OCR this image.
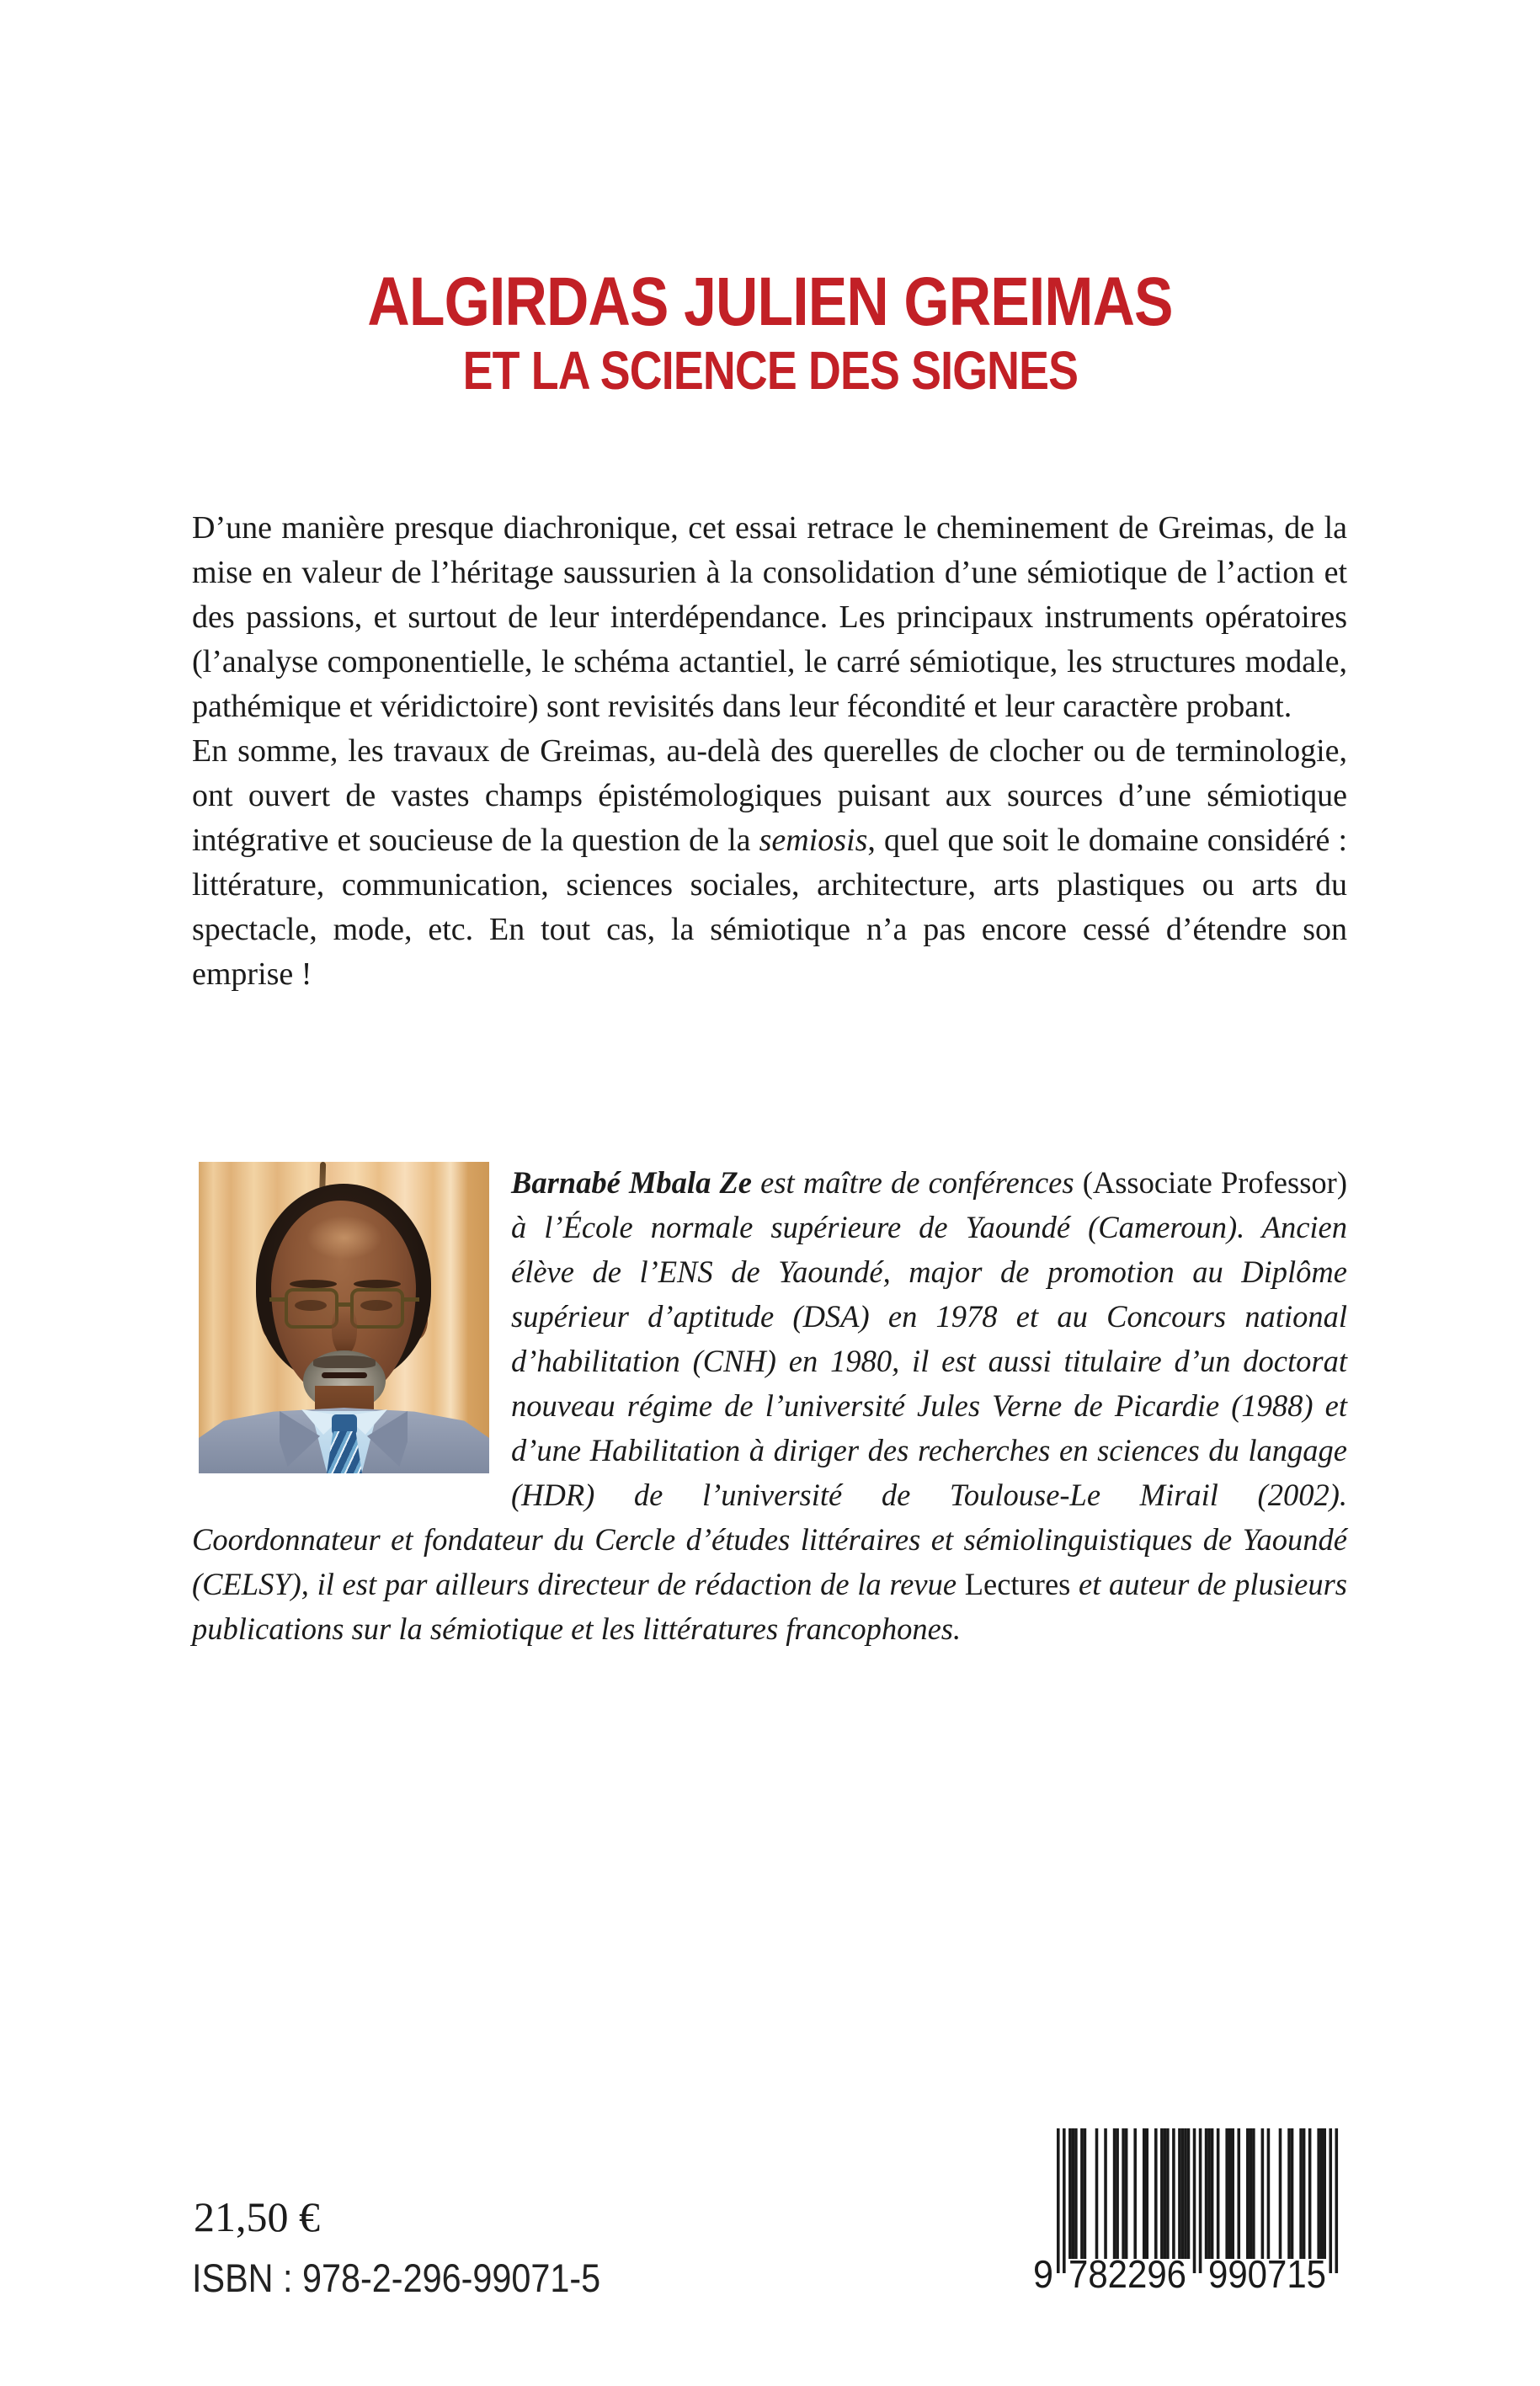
ALGIRDAS JULIEN GREIMAS
ET LA SCIENCE DES SIGNES

D’une manière presque diachronique, cet essai retrace le cheminement de Greimas, de la mise en valeur de l’héritage saussurien à la consolidation d’une sémiotique de l’action et des passions, et surtout de leur interdépendance. Les principaux instruments opératoires (l’analyse componentielle, le schéma actantiel, le carré sémiotique, les structures modale, pathémique et véridictoire) sont revisités dans leur fécondité et leur caractère probant.

En somme, les travaux de Greimas, au-delà des querelles de clocher ou de terminologie, ont ouvert de vastes champs épistémologiques puisant aux sources d’une sémiotique intégrative et soucieuse de la question de la semiosis, quel que soit le domaine considéré : littérature, communication, sciences sociales, architecture, arts plastiques ou arts du spectacle, mode, etc. En tout cas, la sémiotique n’a pas encore cessé d’étendre son emprise !

Barnabé Mbala Ze est maître de conférences (Associate Professor) à l’École normale supérieure de Yaoundé (Cameroun). Ancien élève de l’ENS de Yaoundé, major de promotion au Diplôme supérieur d’aptitude (DSA) en 1978 et au Concours national d’habilitation (CNH) en 1980, il est aussi titulaire d’un doctorat nouveau régime de l’université Jules Verne de Picardie (1988) et d’une Habilitation à diriger des recherches en sciences du langage (HDR) de l’université de Toulouse-Le Mirail (2002). Coordonnateur et fondateur du Cercle d’études littéraires et sémiolinguistiques de Yaoundé (CELSY), il est par ailleurs directeur de rédaction de la revue Lectures et auteur de plusieurs publications sur la sémiotique et les littératures francophones.

21,50 €
ISBN : 978-2-296-99071-5	9 782296 990715
